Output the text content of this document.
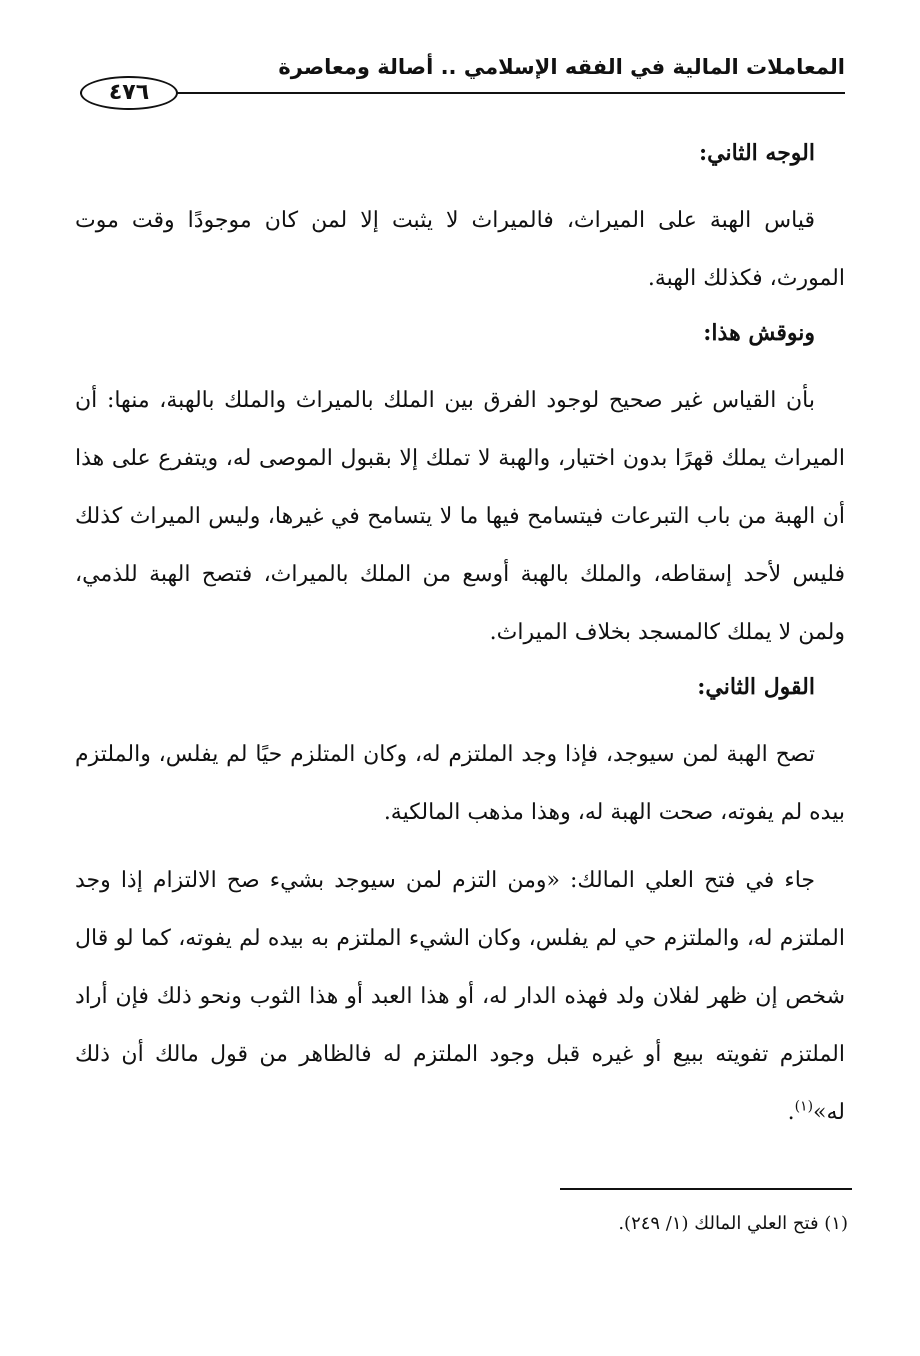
المعاملات المالية في الفقه الإسلامي .. أصالة ومعاصرة
٤٧٦
الوجه الثاني:

قياس الهبة على الميراث، فالميراث لا يثبت إلا لمن كان موجودًا وقت موت المورث، فكذلك الهبة.

ونوقش هذا:

بأن القياس غير صحيح لوجود الفرق بين الملك بالميراث والملك بالهبة، منها: أن الميراث يملك قهرًا بدون اختيار، والهبة لا تملك إلا بقبول الموصى له، ويتفرع على هذا أن الهبة من باب التبرعات فيتسامح فيها ما لا يتسامح في غيرها، وليس الميراث كذلك فليس لأحد إسقاطه، والملك بالهبة أوسع من الملك بالميراث، فتصح الهبة للذمي، ولمن لا يملك كالمسجد بخلاف الميراث.

القول الثاني:

تصح الهبة لمن سيوجد، فإذا وجد الملتزم له، وكان المتلزم حيًا لم يفلس، والملتزم بيده لم يفوته، صحت الهبة له، وهذا مذهب المالكية.

جاء في فتح العلي المالك: «ومن التزم لمن سيوجد بشيء صح الالتزام إذا وجد الملتزم له، والملتزم حي لم يفلس، وكان الشيء الملتزم به بيده لم يفوته، كما لو قال شخص إن ظهر لفلان ولد فهذه الدار له، أو هذا العبد أو هذا الثوب ونحو ذلك فإن أراد الملتزم تفويته ببيع أو غيره قبل وجود الملتزم له فالظاهر من قول مالك أن ذلك له»$^{(١)}$.

(١) فتح العلي المالك (١/ ٢٤٩).
